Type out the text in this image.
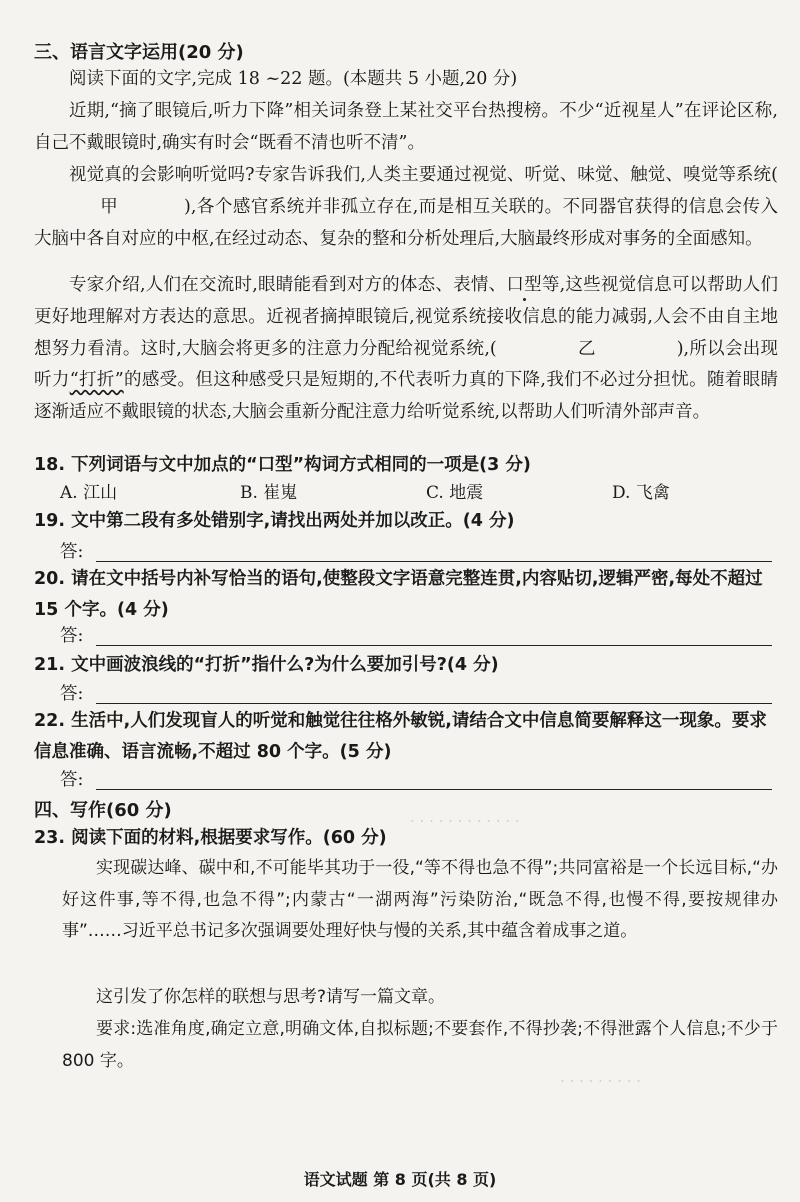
· · · · · · · · · · · ·
· · · · · · · · ·
三、语言文字运用(20 分)
阅读下面的文字,完成 18 ~22 题。(本题共 5 小题,20 分)
近期,“摘了眼镜后,听力下降”相关词条登上某社交平台热搜榜。不少“近视星人”在评论区称,自己不戴眼镜时,确实有时会“既看不清也听不清”。
视觉真的会影响听觉吗?专家告诉我们,人类主要通过视觉、听觉、味觉、触觉、嗅觉等系统(甲	),各个感官系统并非孤立存在,而是相互关联的。不同器官获得的信息会传入大脑中各自对应的中枢,在经过动态、复杂的整和分析处理后,大脑最终形成对事务的全面感知。
专家介绍,人们在交流时,眼睛能看到对方的体态、表情、口型等,这些视觉信息可以帮助人们更好地理解对方表达的意思。近视者摘掉眼镜后,视觉系统接收信息的能力减弱,人会不由自主地想努力看清。这时,大脑会将更多的注意力分配给视觉系统,(	乙	),所以会出现听力“打折”的感受。但这种感受只是短期的,不代表听力真的下降,我们不必过分担忧。随着眼睛逐渐适应不戴眼镜的状态,大脑会重新分配注意力给听觉系统,以帮助人们听清外部声音。
18. 下列词语与文中加点的“口型”构词方式相同的一项是(3 分)
A. 江山	B. 崔嵬	C. 地震	D. 飞禽
19. 文中第二段有多处错别字,请找出两处并加以改正。(4 分)
答:
20. 请在文中括号内补写恰当的语句,使整段文字语意完整连贯,内容贴切,逻辑严密,每处不超过 15 个字。(4 分)
答:
21. 文中画波浪线的“打折”指什么?为什么要加引号?(4 分)
答:
22. 生活中,人们发现盲人的听觉和触觉往往格外敏锐,请结合文中信息简要解释这一现象。要求信息准确、语言流畅,不超过 80 个字。(5 分)
答:
四、写作(60 分)
23. 阅读下面的材料,根据要求写作。(60 分)
实现碳达峰、碳中和,不可能毕其功于一役,“等不得也急不得”;共同富裕是一个长远目标,“办好这件事,等不得,也急不得”;内蒙古“一湖两海”污染防治,“既急不得,也慢不得,要按规律办事”……习近平总书记多次强调要处理好快与慢的关系,其中蕴含着成事之道。
这引发了你怎样的联想与思考?请写一篇文章。
要求:选准角度,确定立意,明确文体,自拟标题;不要套作,不得抄袭;不得泄露个人信息;不少于 800 字。
语文试题 第 8 页(共 8 页)
